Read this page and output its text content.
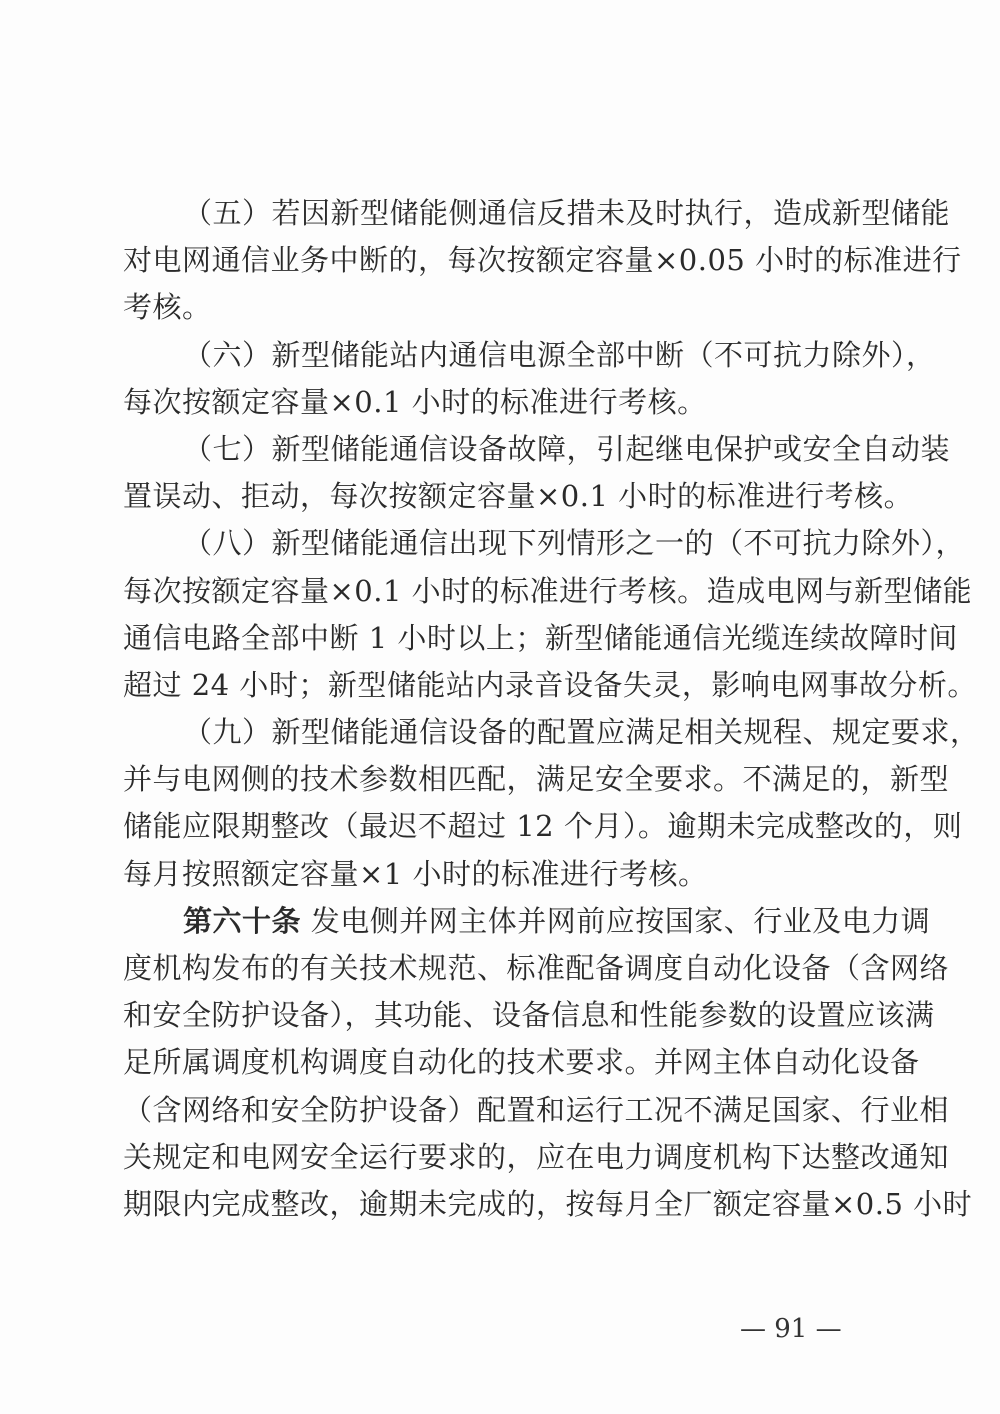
（五）若因新型储能侧通信反措未及时执行，造成新型储能
对电网通信业务中断的，每次按额定容量×0.05 小时的标准进行
考核。
（六）新型储能站内通信电源全部中断（不可抗力除外），
每次按额定容量×0.1 小时的标准进行考核。
（七）新型储能通信设备故障，引起继电保护或安全自动装
置误动、拒动，每次按额定容量×0.1 小时的标准进行考核。
（八）新型储能通信出现下列情形之一的（不可抗力除外），
每次按额定容量×0.1 小时的标准进行考核。造成电网与新型储能
通信电路全部中断 1 小时以上；新型储能通信光缆连续故障时间
超过 24 小时；新型储能站内录音设备失灵，影响电网事故分析。
（九）新型储能通信设备的配置应满足相关规程、规定要求，
并与电网侧的技术参数相匹配，满足安全要求。不满足的，新型
储能应限期整改（最迟不超过 12 个月）。逾期未完成整改的，则
每月按照额定容量×1 小时的标准进行考核。
第六十条 发电侧并网主体并网前应按国家、行业及电力调
度机构发布的有关技术规范、标准配备调度自动化设备（含网络
和安全防护设备），其功能、设备信息和性能参数的设置应该满
足所属调度机构调度自动化的技术要求。并网主体自动化设备
（含网络和安全防护设备）配置和运行工况不满足国家、行业相
关规定和电网安全运行要求的，应在电力调度机构下达整改通知
期限内完成整改，逾期未完成的，按每月全厂额定容量×0.5 小时
— 91 —
